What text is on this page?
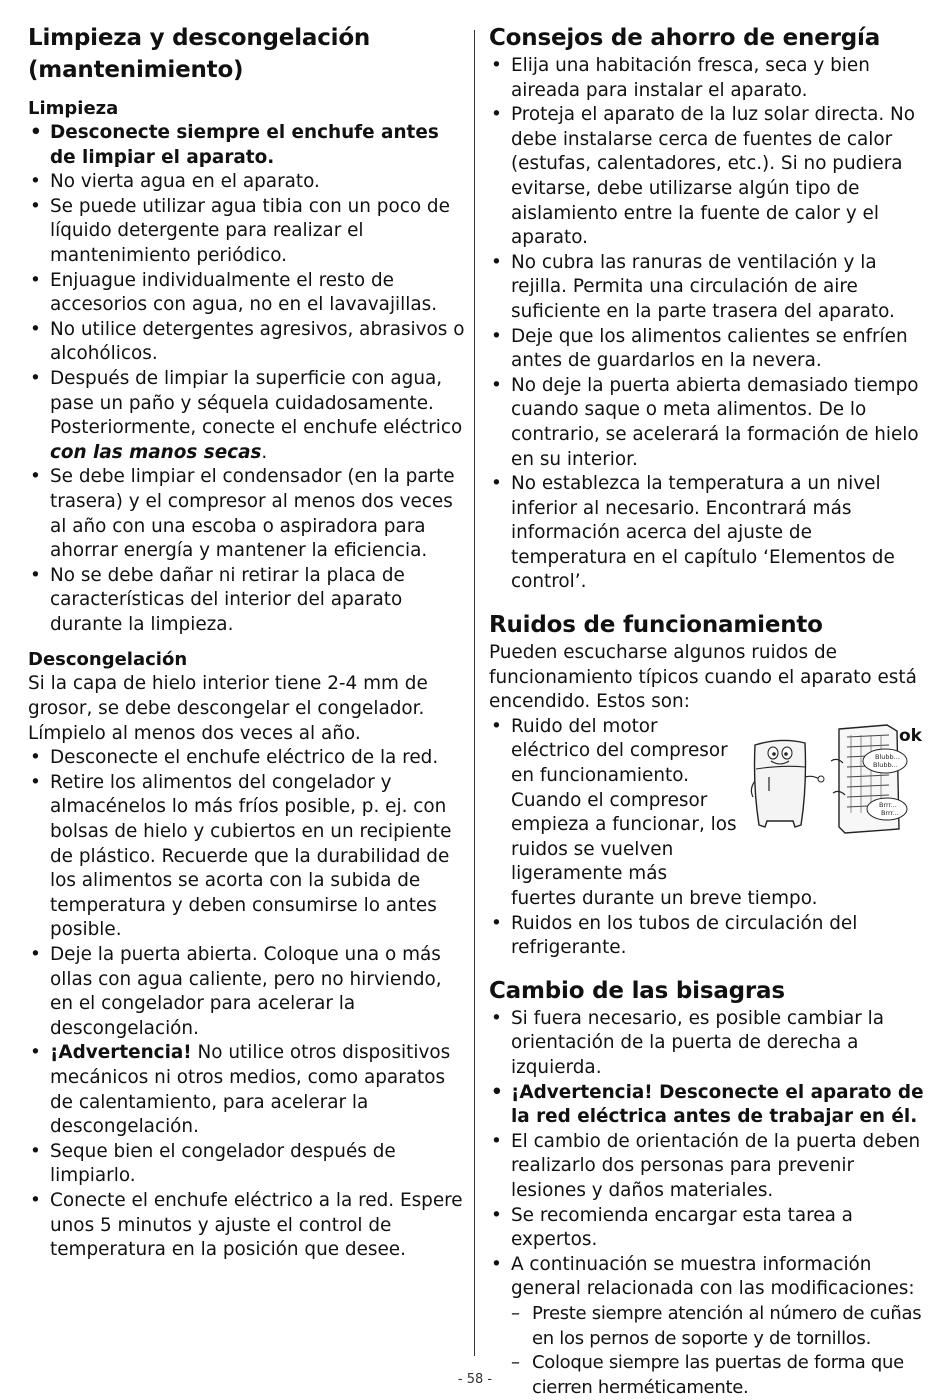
Limpieza y descongelación
(mantenimiento)
Limpieza
• Desconecte siempre el enchufe antes de limpiar el aparato.
• No vierta agua en el aparato.
• Se puede utilizar agua tibia con un poco de líquido detergente para realizar el mantenimiento periódico.
• Enjuague individualmente el resto de accesorios con agua, no en el lavavajillas.
• No utilice detergentes agresivos, abrasivos o alcohólicos.
• Después de limpiar la superficie con agua, pase un paño y séquela cuidadosamente. Posteriormente, conecte el enchufe eléctrico con las manos secas.
• Se debe limpiar el condensador (en la parte trasera) y el compresor al menos dos veces al año con una escoba o aspiradora para ahorrar energía y mantener la eficiencia.
• No se debe dañar ni retirar la placa de características del interior del aparato durante la limpieza.
Descongelación

Si la capa de hielo interior tiene 2-4 mm de grosor, se debe descongelar el congelador. Límpielo al menos dos veces al año.

• Desconecte el enchufe eléctrico de la red.
• Retire los alimentos del congelador y almacénelos lo más fríos posible, p. ej. con bolsas de hielo y cubiertos en un recipiente de plástico. Recuerde que la durabilidad de los alimentos se acorta con la subida de temperatura y deben consumirse lo antes posible.
• Deje la puerta abierta. Coloque una o más ollas con agua caliente, pero no hirviendo, en el congelador para acelerar la descongelación.
• ¡Advertencia! No utilice otros dispositivos mecánicos ni otros medios, como aparatos de calentamiento, para acelerar la descongelación.
• Seque bien el congelador después de limpiarlo.
• Conecte el enchufe eléctrico a la red. Espere unos 5 minutos y ajuste el control de temperatura en la posición que desee.
Consejos de ahorro de energía
• Elija una habitación fresca, seca y bien aireada para instalar el aparato.
• Proteja el aparato de la luz solar directa. No debe instalarse cerca de fuentes de calor (estufas, calentadores, etc.). Si no pudiera evitarse, debe utilizarse algún tipo de aislamiento entre la fuente de calor y el aparato.
• No cubra las ranuras de ventilación y la rejilla. Permita una circulación de aire suficiente en la parte trasera del aparato.
• Deje que los alimentos calientes se enfríen antes de guardarlos en la nevera.
• No deje la puerta abierta demasiado tiempo cuando saque o meta alimentos. De lo contrario, se acelerará la formación de hielo en su interior.
• No establezca la temperatura a un nivel inferior al necesario. Encontrará más información acerca del ajuste de temperatura en el capítulo ‘Elementos de control’.
Ruidos de funcionamiento

Pueden escucharse algunos ruidos de funcionamiento típicos cuando el aparato está encendido. Estos son:

Blubb...
Blubb...
Brrr...
Brrr...
ok
• Ruido del motor eléctrico del compresor en funcionamiento. Cuando el compresor empieza a funcionar, los ruidos se vuelven ligeramente más
fuertes durante un breve tiempo.
• Ruidos en los tubos de circulación del refrigerante.
Cambio de las bisagras
• Si fuera necesario, es posible cambiar la orientación de la puerta de derecha a izquierda.
• ¡Advertencia! Desconecte el aparato de la red eléctrica antes de trabajar en él.
• El cambio de orientación de la puerta deben realizarlo dos personas para prevenir lesiones y daños materiales.
• Se recomienda encargar esta tarea a expertos.
• A continuación se muestra información general relacionada con las modificaciones:
– Preste siempre atención al número de cuñas en los pernos de soporte y de tornillos.
– Coloque siempre las puertas de forma que cierren herméticamente.
- 58 -
